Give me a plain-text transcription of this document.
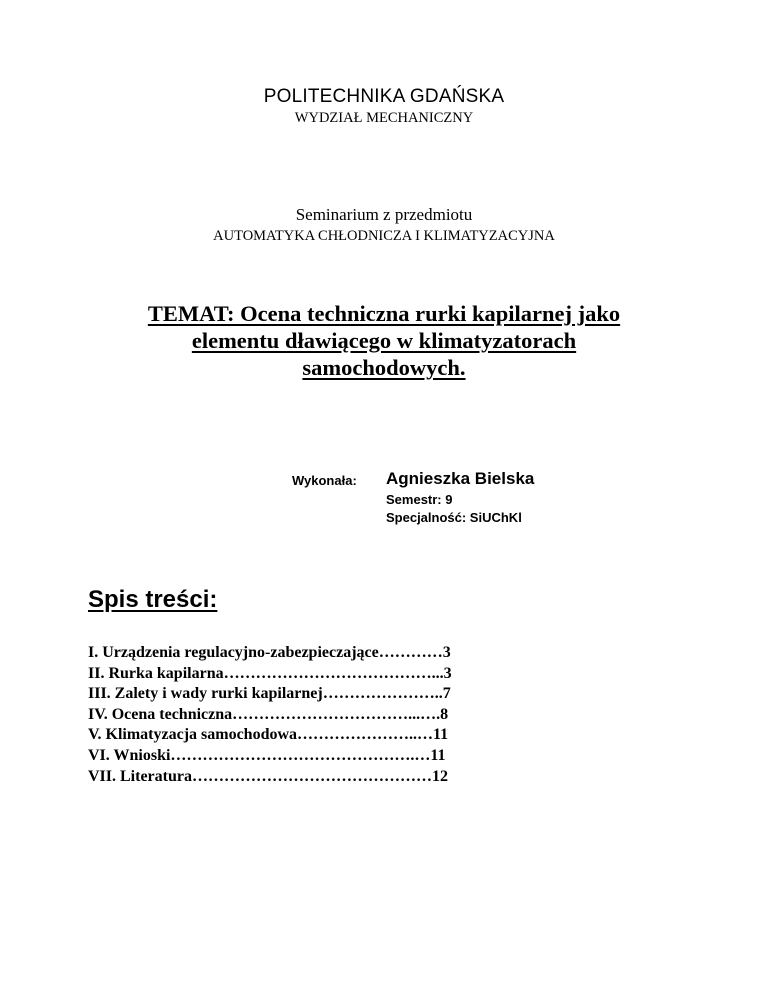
POLITECHNIKA GDAŃSKA
WYDZIAŁ MECHANICZNY
Seminarium z przedmiotu
AUTOMATYKA CHŁODNICZA I KLIMATYZACYJNA
TEMAT: Ocena techniczna rurki kapilarnej jako
elementu dławiącego w klimatyzatorach
samochodowych.
Wykonała: Agnieszka Bielska
Semestr: 9
Specjalność: SiUChKl
Spis treści:
I. Urządzenia regulacyjno-zabezpieczające…………3
II. Rurka kapilarna…………………………………...3
III. Zalety i wady rurki kapilarnej…………………..7
IV. Ocena techniczna……………………………...….8
V. Klimatyzacja samochodowa…………………..…11
VI. Wnioski……………………………………….…11
VII. Literatura………………………………………12
